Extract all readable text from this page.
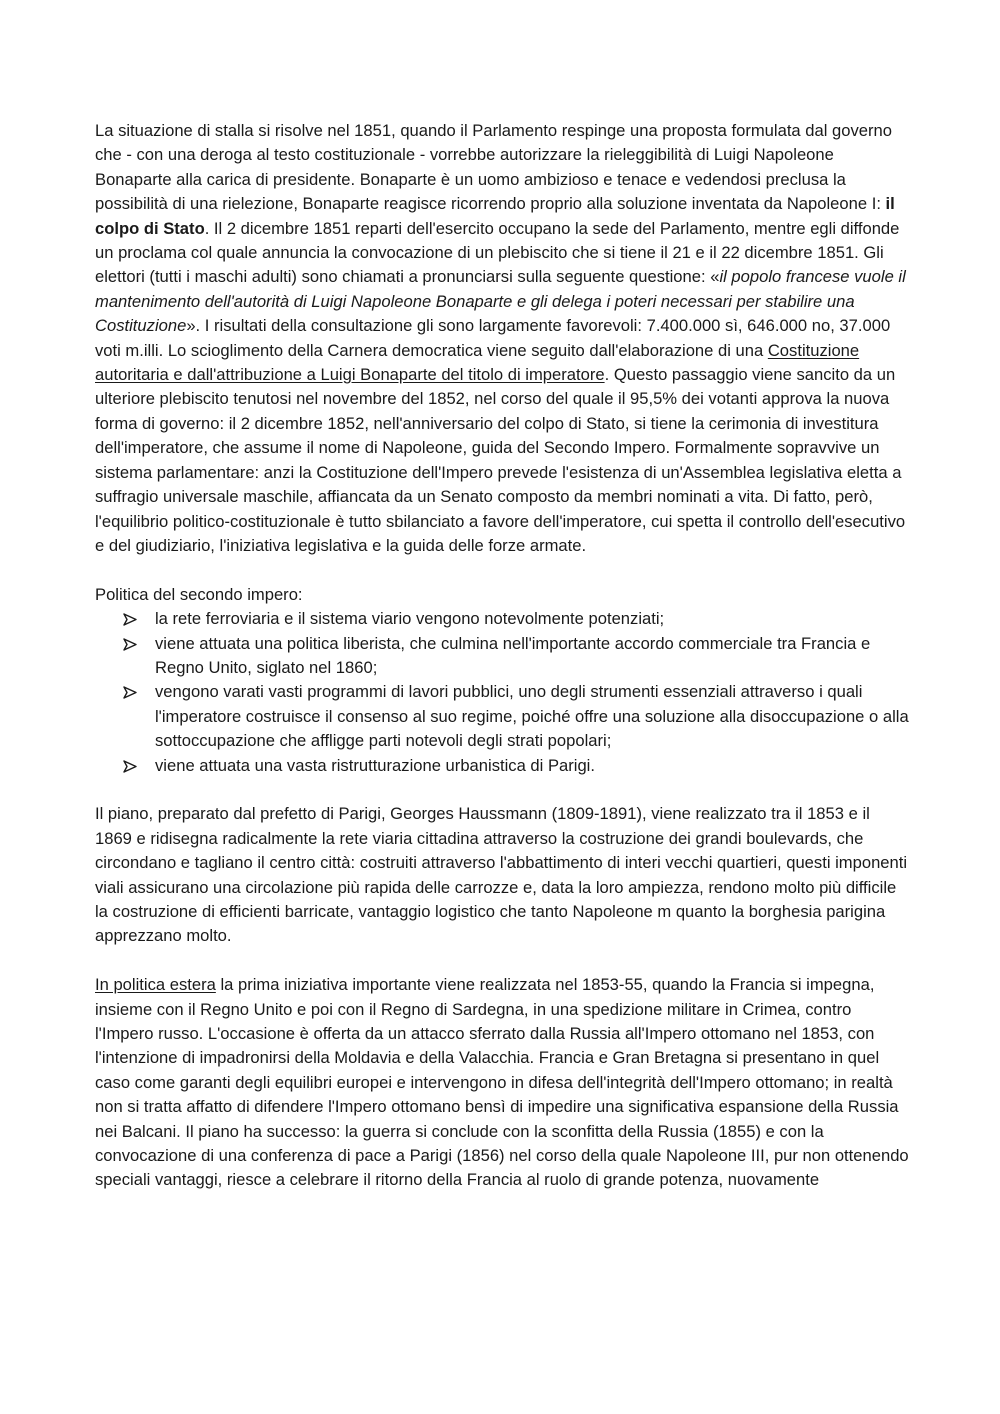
La situazione di stalla si risolve nel 1851, quando il Parlamento respinge una proposta formulata dal governo che - con una deroga al testo costituzionale - vorrebbe autorizzare la rieleggibilità di Luigi Napoleone Bonaparte alla carica di presidente. Bonaparte è un uomo ambizioso e tenace e vedendosi preclusa la possibilità di una rielezione, Bonaparte reagisce ricorrendo proprio alla soluzione inventata da Napoleone I: il colpo di Stato. Il 2 dicembre 1851 reparti dell'esercito occupano la sede del Parlamento, mentre egli diffonde un proclama col quale annuncia la convocazione di un plebiscito che si tiene il 21 e il 22 dicembre 1851. Gli elettori (tutti i maschi adulti) sono chiamati a pronunciarsi sulla seguente questione: «il popolo francese vuole il mantenimento dell'autorità di Luigi Napoleone Bonaparte e gli delega i poteri necessari per stabilire una Costituzione». I risultati della consultazione gli sono largamente favorevoli: 7.400.000 sì, 646.000 no, 37.000 voti m.illi. Lo scioglimento della Carnera democratica viene seguito dall'elaborazione di una Costituzione autoritaria e dall'attribuzione a Luigi Bonaparte del titolo di imperatore. Questo passaggio viene sancito da un ulteriore plebiscito tenutosi nel novembre del 1852, nel corso del quale il 95,5% dei votanti approva la nuova forma di governo: il 2 dicembre 1852, nell'anniversario del colpo di Stato, si tiene la cerimonia di investitura dell'imperatore, che assume il nome di Napoleone, guida del Secondo Impero. Formalmente sopravvive un sistema parlamentare: anzi la Costituzione dell'Impero prevede l'esistenza di un'Assemblea legislativa eletta a suffragio universale maschile, affiancata da un Senato composto da membri nominati a vita. Di fatto, però, l'equilibrio politico-costituzionale è tutto sbilanciato a favore dell'imperatore, cui spetta il controllo dell'esecutivo e del giudiziario, l'iniziativa legislativa e la guida delle forze armate.

Politica del secondo impero:

la rete ferroviaria e il sistema viario vengono notevolmente potenziati;
viene attuata una politica liberista, che culmina nell'importante accordo commerciale tra Francia e Regno Unito, siglato nel 1860;
vengono varati vasti programmi di lavori pubblici, uno degli strumenti essenziali attraverso i quali l'imperatore costruisce il consenso al suo regime, poiché offre una soluzione alla disoccupazione o alla sottoccupazione che affligge parti notevoli degli strati popolari;
viene attuata una vasta ristrutturazione urbanistica di Parigi.

Il piano, preparato dal prefetto di Parigi, Georges Haussmann (1809-1891), viene realizzato tra il 1853 e il 1869 e ridisegna radicalmente la rete viaria cittadina attraverso la costruzione dei grandi boulevards, che circondano e tagliano il centro città: costruiti attraverso l'abbattimento di interi vecchi quartieri, questi imponenti viali assicurano una circolazione più rapida delle carrozze e, data la loro ampiezza, rendono molto più difficile la costruzione di efficienti barricate, vantaggio logistico che tanto Napoleone m quanto la borghesia parigina apprezzano molto.

In politica estera la prima iniziativa importante viene realizzata nel 1853-55, quando la Francia si impegna, insieme con il Regno Unito e poi con il Regno di Sardegna, in una spedizione militare in Crimea, contro l'Impero russo. L'occasione è offerta da un attacco sferrato dalla Russia all'Impero ottomano nel 1853, con l'intenzione di impadronirsi della Moldavia e della Valacchia. Francia e Gran Bretagna si presentano in quel caso come garanti degli equilibri europei e intervengono in difesa dell'integrità dell'Impero ottomano; in realtà non si tratta affatto di difendere l'Impero ottomano bensì di impedire una significativa espansione della Russia nei Balcani. Il piano ha successo: la guerra si conclude con la sconfitta della Russia (1855) e con la convocazione di una conferenza di pace a Parigi (1856) nel corso della quale Napoleone III, pur non ottenendo speciali vantaggi, riesce a celebrare il ritorno della Francia al ruolo di grande potenza, nuovamente
